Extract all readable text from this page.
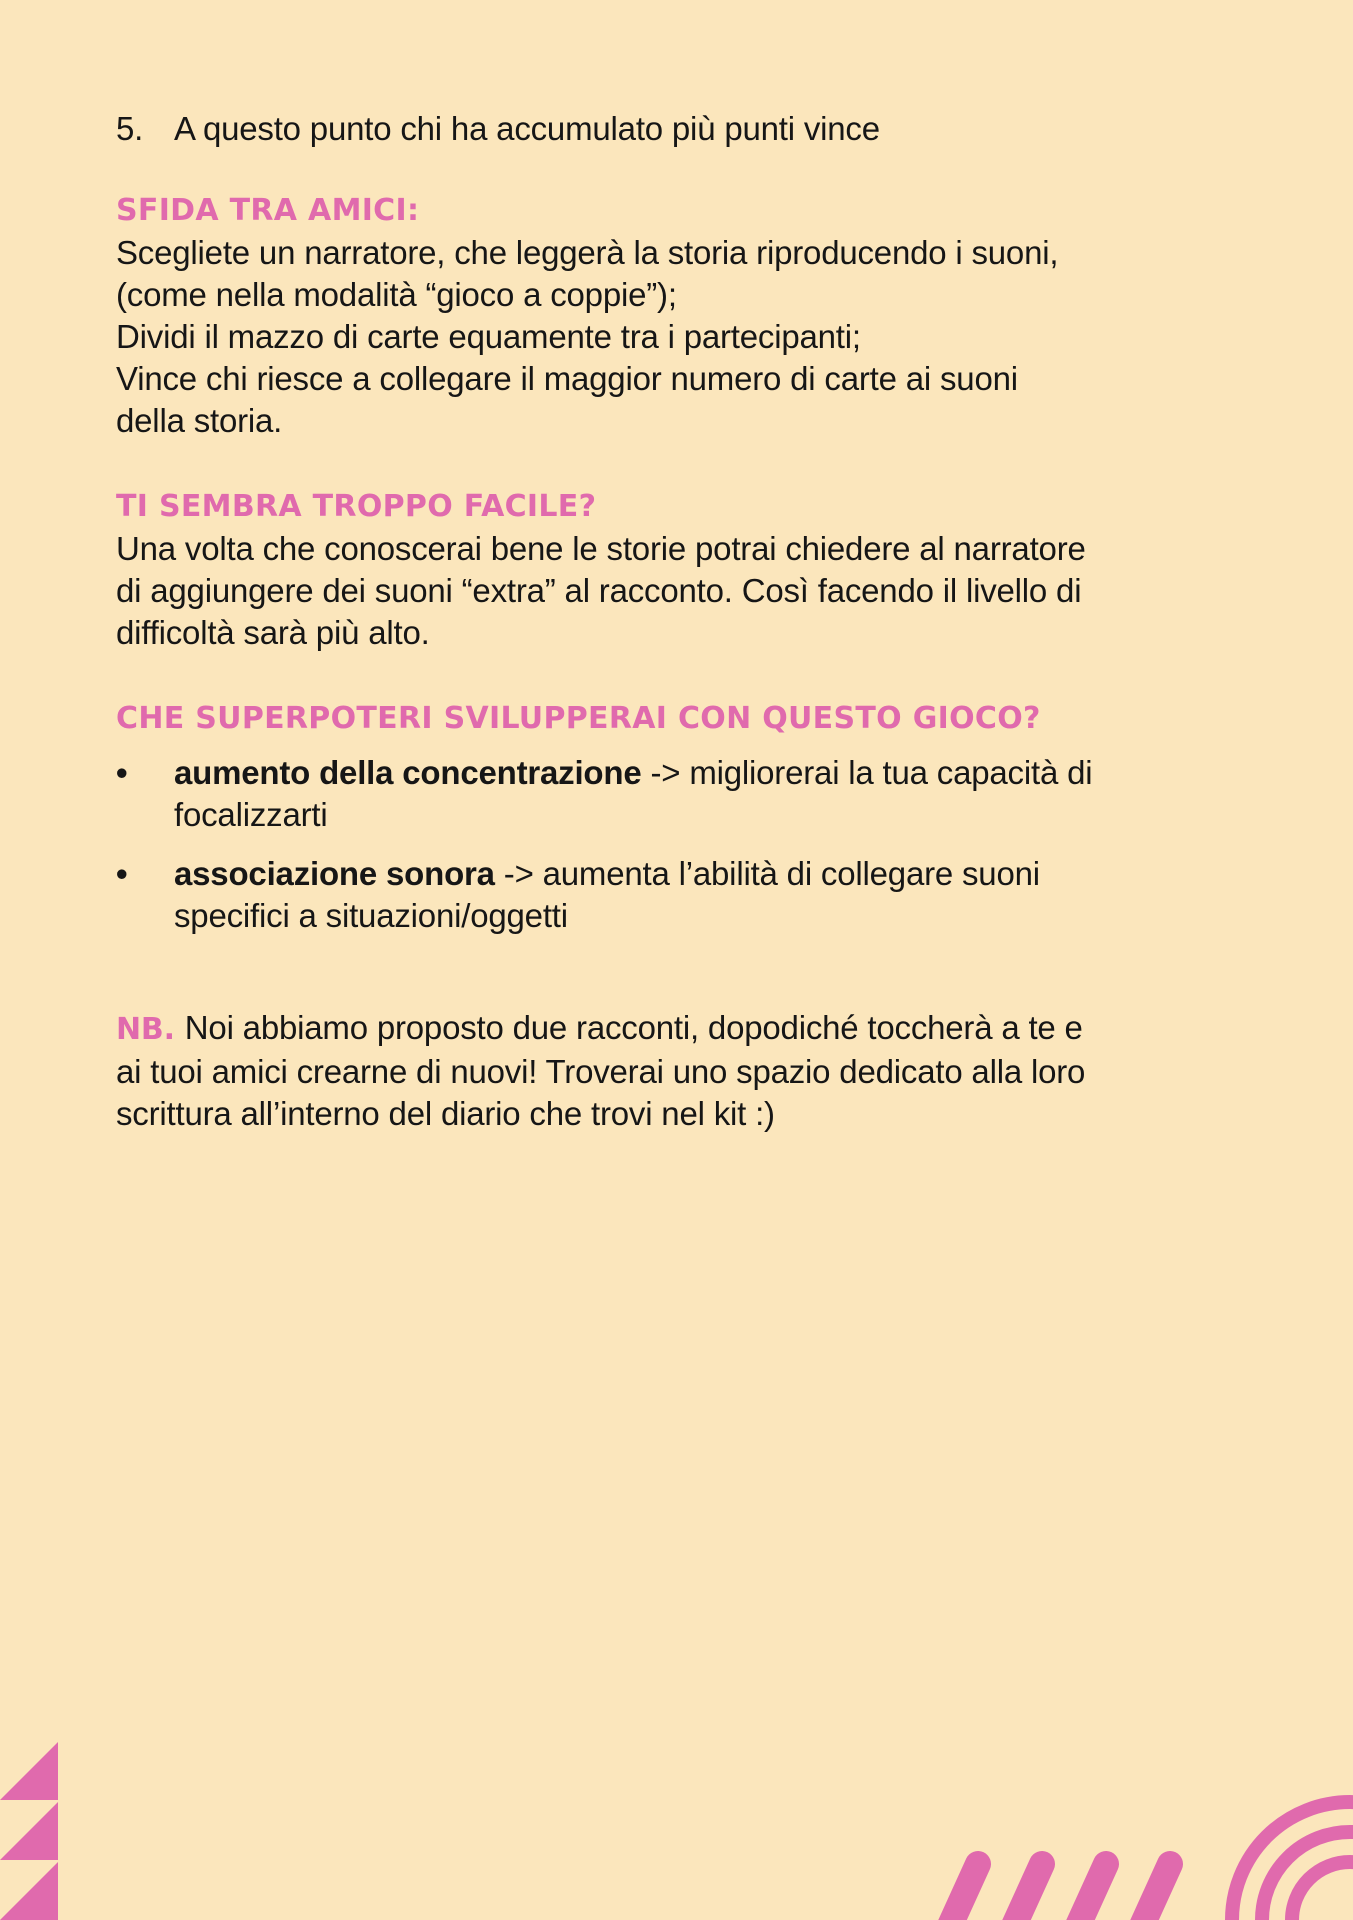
5. A questo punto chi ha accumulato più punti vince
SFIDA TRA AMICI:

Scegliete un narratore, che leggerà la storia riproducendo i suoni,

(come nella modalità “gioco a coppie”);

Dividi il mazzo di carte equamente tra i partecipanti;

Vince chi riesce a collegare il maggior numero di carte ai suoni

della storia.

TI SEMBRA TROPPO FACILE?

Una volta che conoscerai bene le storie potrai chiedere al narratore

di aggiungere dei suoni “extra” al racconto. Così facendo il livello di

difficoltà sarà più alto.

CHE SUPERPOTERI SVILUPPERAI CON QUESTO GIOCO?
•	aumento della concentrazione -> migliorerai la tua capacità di
focalizzarti
•	associazione sonora -> aumenta l’abilità di collegare suoni
specifici a situazioni/oggetti

NB. Noi abbiamo proposto due racconti, dopodiché toccherà a te e

ai tuoi amici crearne di nuovi! Troverai uno spazio dedicato alla loro

scrittura all’interno del diario che trovi nel kit :)
